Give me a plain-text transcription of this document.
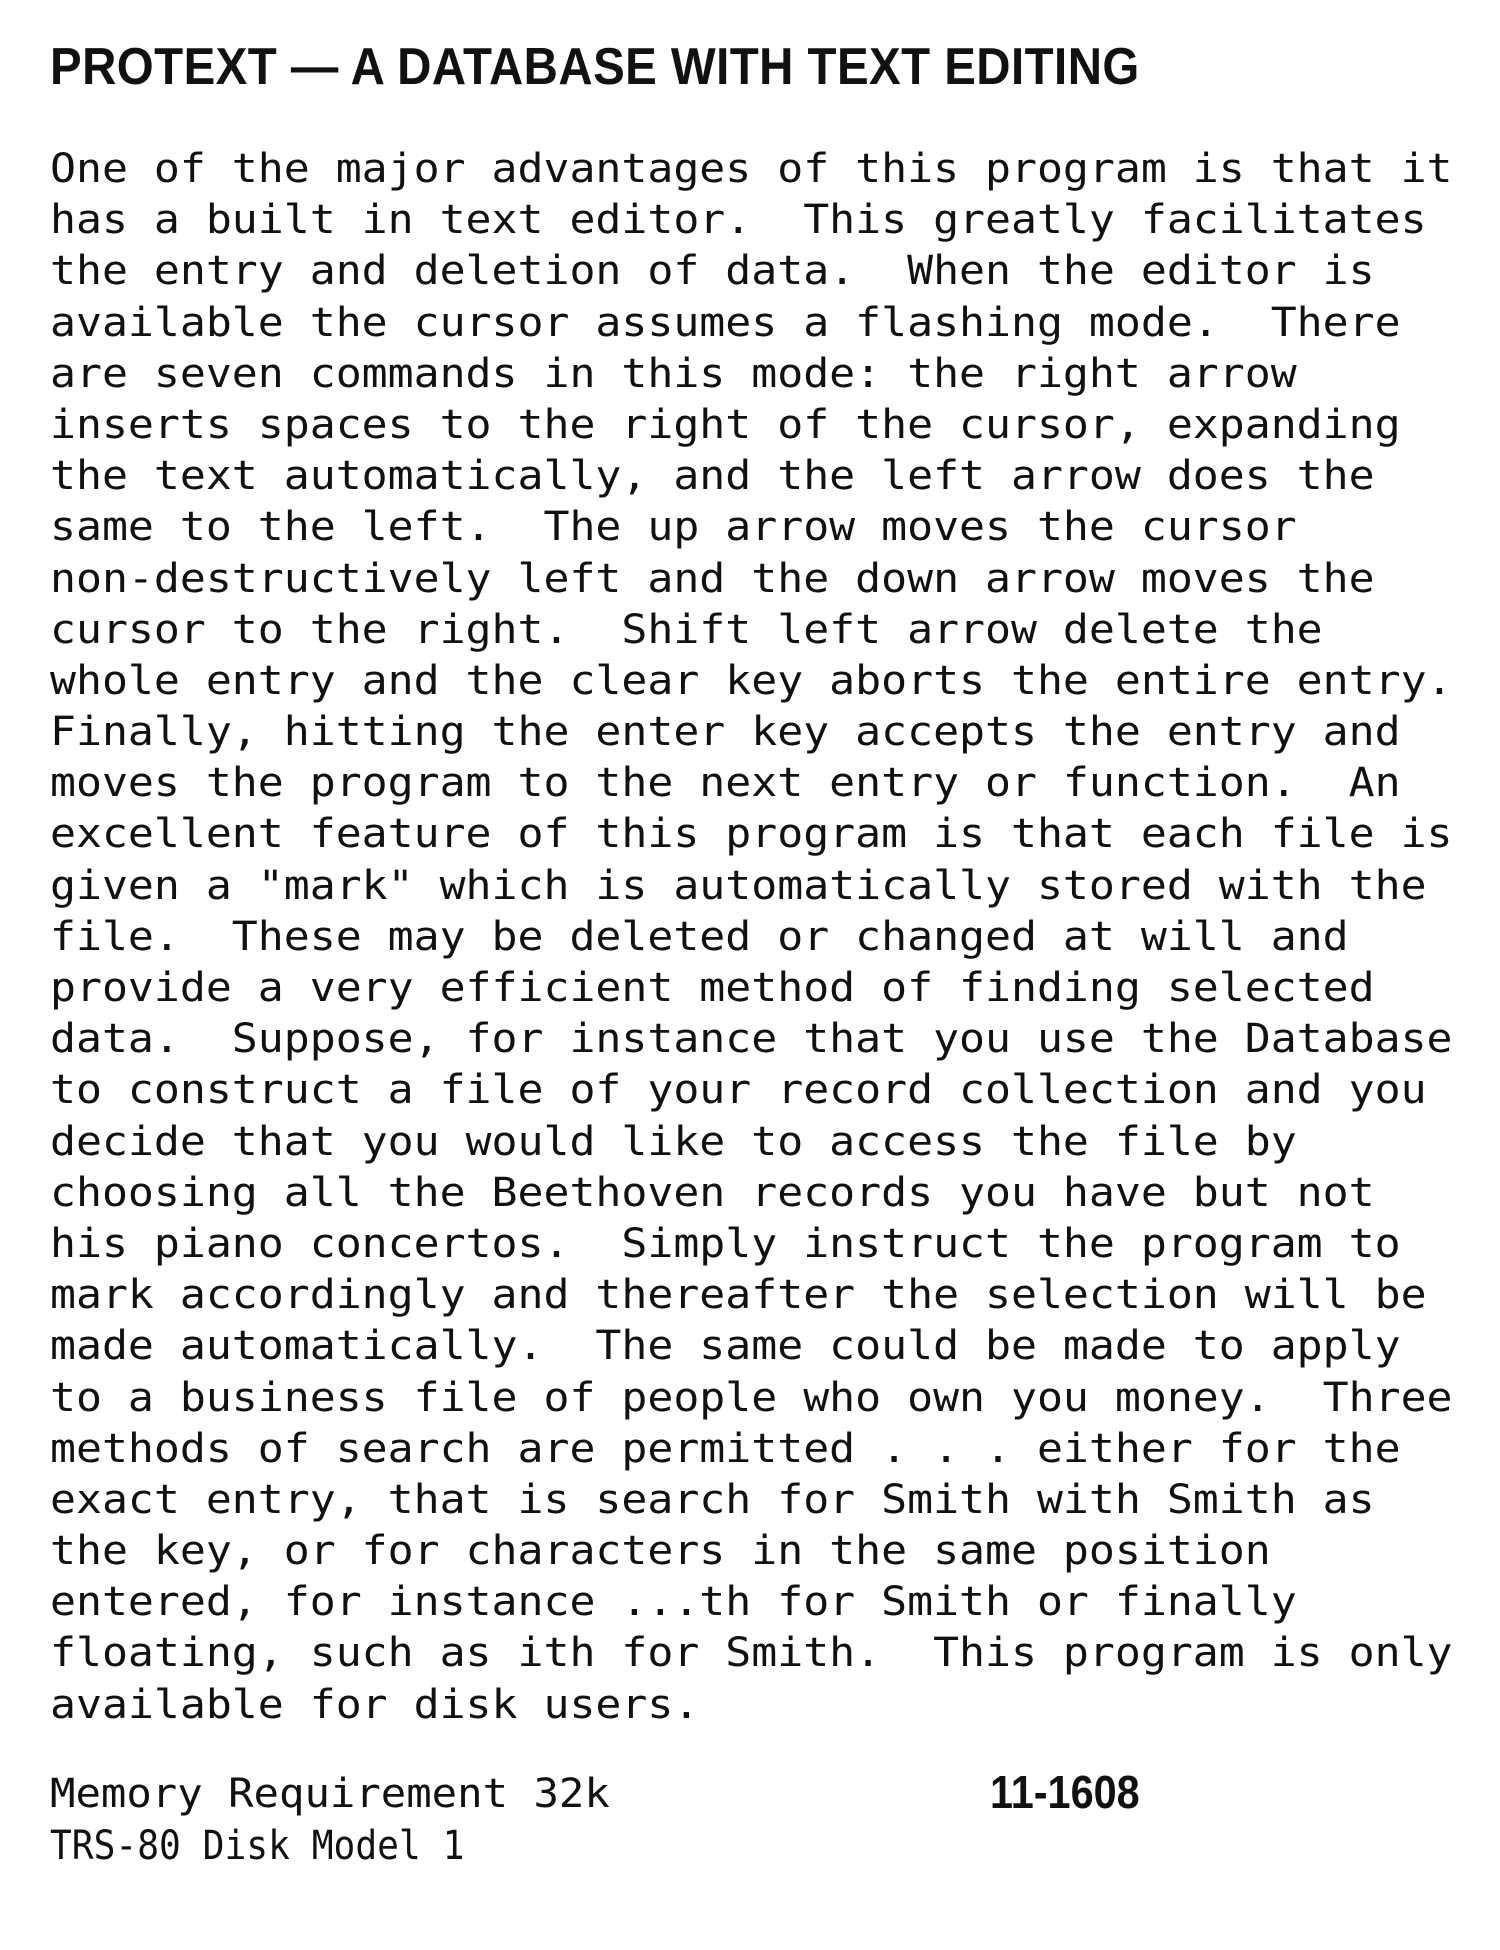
PROTEXT — A DATABASE WITH TEXT EDITING
One of the major advantages of this program is that it
has a built in text editor.  This greatly facilitates
the entry and deletion of data.  When the editor is
available the cursor assumes a flashing mode.  There
are seven commands in this mode: the right arrow
inserts spaces to the right of the cursor, expanding
the text automatically, and the left arrow does the
same to the left.  The up arrow moves the cursor
non-destructively left and the down arrow moves the
cursor to the right.  Shift left arrow delete the
whole entry and the clear key aborts the entire entry.
Finally, hitting the enter key accepts the entry and
moves the program to the next entry or function.  An
excellent feature of this program is that each file is
given a "mark" which is automatically stored with the
file.  These may be deleted or changed at will and
provide a very efficient method of finding selected
data.  Suppose, for instance that you use the Database
to construct a file of your record collection and you
decide that you would like to access the file by
choosing all the Beethoven records you have but not
his piano concertos.  Simply instruct the program to
mark accordingly and thereafter the selection will be
made automatically.  The same could be made to apply
to a business file of people who own you money.  Three
methods of search are permitted . . . either for the
exact entry, that is search for Smith with Smith as
the key, or for characters in the same position
entered, for instance ...th for Smith or finally
floating, such as ith for Smith.  This program is only
available for disk users.
Memory Requirement 32k
TRS-80 Disk Model 1
11-1608
